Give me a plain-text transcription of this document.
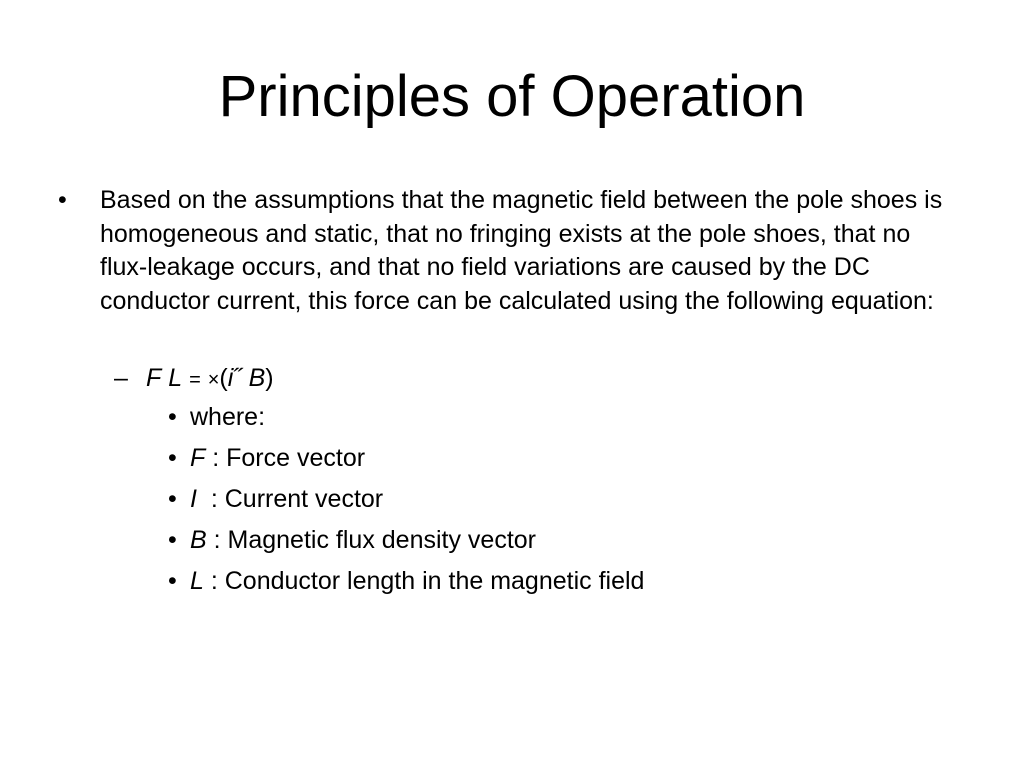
Principles of Operation
•	Based on the assumptions that the magnetic field between the pole shoes is homogeneous and static, that no fringing exists at the pole shoes, that no flux-leakage occurs, and that no field variations are caused by the DC conductor current, this force can be calculated using the following equation:
– F L = ×(i˝ B)
• where:
• F : Force vector
• I  : Current vector
• B : Magnetic flux density vector
• L : Conductor length in the magnetic field
